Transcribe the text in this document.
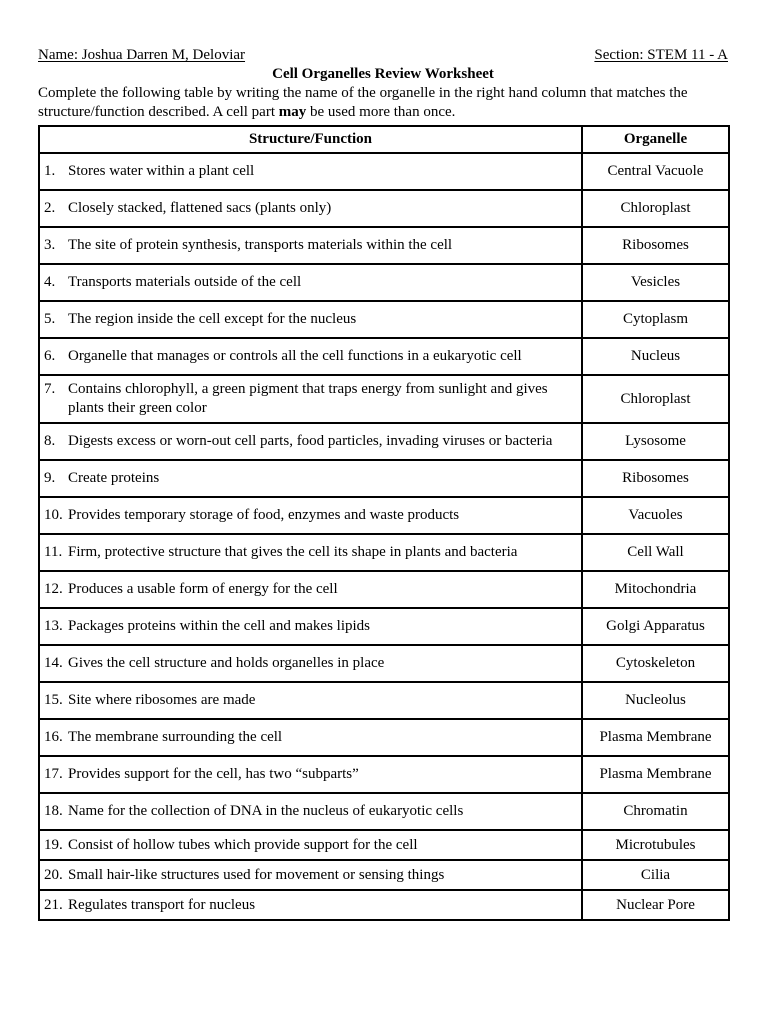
Name: Joshua Darren M, Deloviar	Section: STEM 11 - A
Cell Organelles Review Worksheet

Complete the following table by writing the name of the organelle in the right hand column that matches the structure/function described. A cell part may be used more than once.

Structure/Function	Organelle
1. Stores water within a plant cell	Central Vacuole
2. Closely stacked, flattened sacs (plants only)	Chloroplast
3. The site of protein synthesis, transports materials within the cell	Ribosomes
4. Transports materials outside of the cell	Vesicles
5. The region inside the cell except for the nucleus	Cytoplasm
6. Organelle that manages or controls all the cell functions in a eukaryotic cell	Nucleus
7. Contains chlorophyll, a green pigment that traps energy from sunlight and gives plants their green color	Chloroplast
8. Digests excess or worn-out cell parts, food particles, invading viruses or bacteria	Lysosome
9. Create proteins	Ribosomes
10. Provides temporary storage of food, enzymes and waste products	Vacuoles
11. Firm, protective structure that gives the cell its shape in plants and bacteria	Cell Wall
12. Produces a usable form of energy for the cell	Mitochondria
13. Packages proteins within the cell and makes lipids	Golgi Apparatus
14. Gives the cell structure and holds organelles in place	Cytoskeleton
15. Site where ribosomes are made	Nucleolus
16. The membrane surrounding the cell	Plasma Membrane
17. Provides support for the cell, has two “subparts”	Plasma Membrane
18. Name for the collection of DNA in the nucleus of eukaryotic cells	Chromatin
19. Consist of hollow tubes which provide support for the cell	Microtubules
20. Small hair-like structures used for movement or sensing things	Cilia
21. Regulates transport for nucleus	Nuclear Pore
